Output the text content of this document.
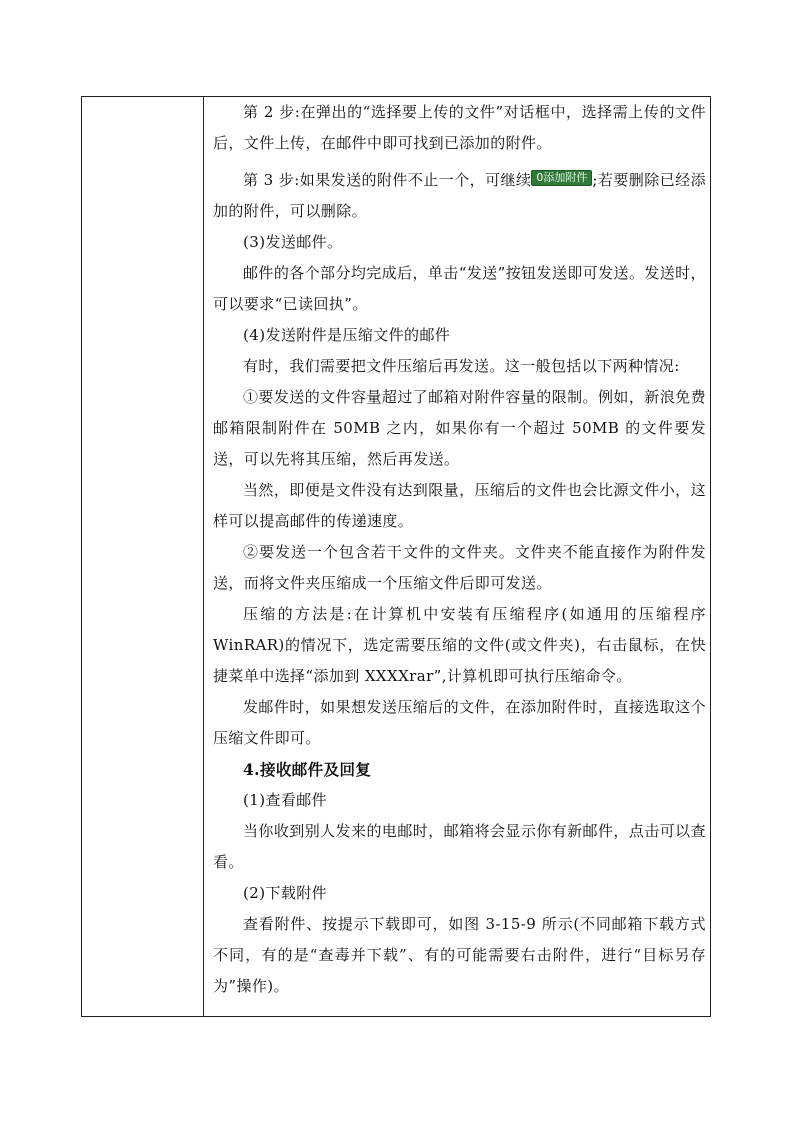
第 2 步:在弹出的“选择要上传的文件”对话框中，选择需上传的文件后，文件上传，在邮件中即可找到已添加的附件。

第 3 步:如果发送的附件不止一个，可继续 0添加附件 ;若要删除已经添加的附件，可以删除。

(3)发送邮件。

邮件的各个部分均完成后，单击“发送”按钮发送即可发送。发送时，可以要求“已读回执”。

(4)发送附件是压缩文件的邮件

有时，我们需要把文件压缩后再发送。这一般包括以下两种情况:

①要发送的文件容量超过了邮箱对附件容量的限制。例如，新浪免费邮箱限制附件在 50MB 之内，如果你有一个超过 50MB 的文件要发送，可以先将其压缩，然后再发送。

当然，即便是文件没有达到限量，压缩后的文件也会比源文件小，这样可以提高邮件的传递速度。

②要发送一个包含若干文件的文件夹。文件夹不能直接作为附件发送，而将文件夹压缩成一个压缩文件后即可发送。

压缩的方法是:在计算机中安装有压缩程序(如通用的压缩程序WinRAR)的情况下，选定需要压缩的文件(或文件夹)，右击鼠标，在快捷菜单中选择“添加到 XXXXrar”,计算机即可执行压缩命令。

发邮件时，如果想发送压缩后的文件，在添加附件时，直接选取这个压缩文件即可。

4.接收邮件及回复

(1)查看邮件

当你收到别人发来的电邮时，邮箱将会显示你有新邮件，点击可以查看。

(2)下载附件

查看附件、按提示下载即可，如图 3-15-9 所示(不同邮箱下载方式不同，有的是“查毒并下载”、有的可能需要右击附件，进行“目标另存为”操作)。
